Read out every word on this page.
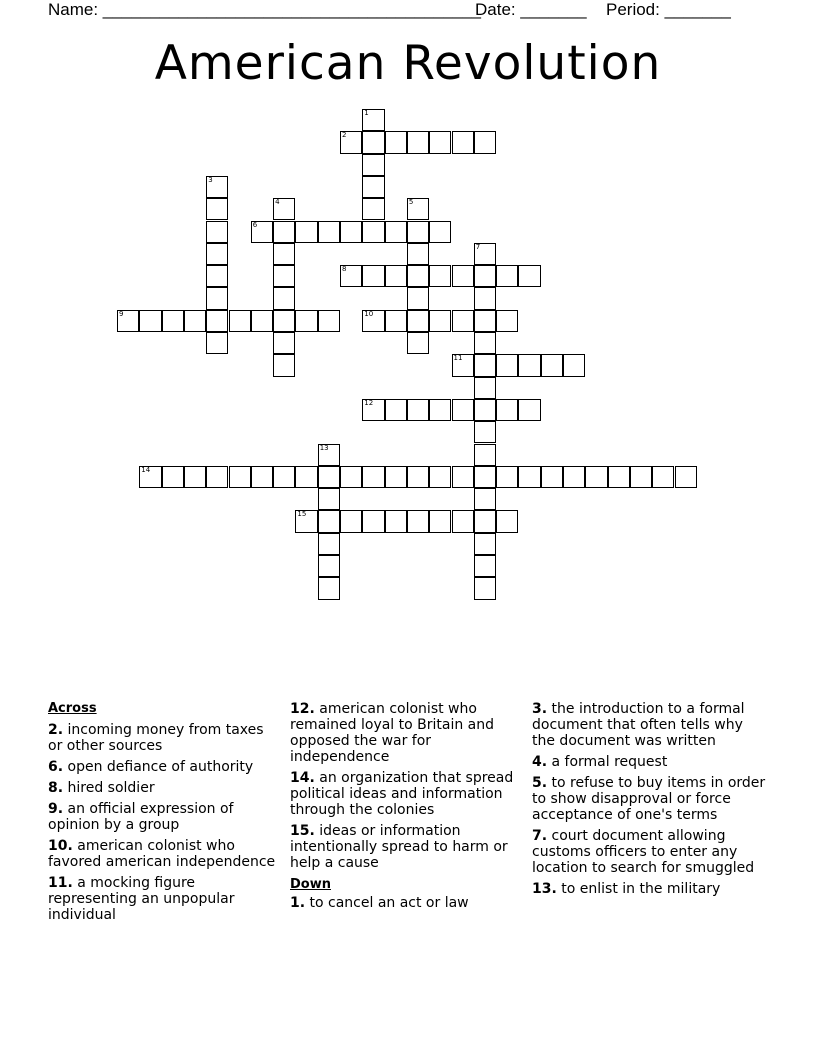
Name: ________________________________________
Date: _______ Period: _______
American Revolution
1
2
3
4	5
6
7
8
9	10
11
12
13
14
15
Across
2. incoming money from taxes or other sources
6. open defiance of authority
8. hired soldier
9. an official expression of opinion by a group
10. american colonist who favored american independence
11. a mocking figure representing an unpopular individual
12. american colonist who remained loyal to Britain and opposed the war for independence
14. an organization that spread political ideas and information through the colonies
15. ideas or information intentionally spread to harm or help a cause
Down
1. to cancel an act or law
3. the introduction to a formal document that often tells why the document was written
4. a formal request
5. to refuse to buy items in order to show disapproval or force acceptance of one's terms
7. court document allowing customs officers to enter any location to search for smuggled
13. to enlist in the military
